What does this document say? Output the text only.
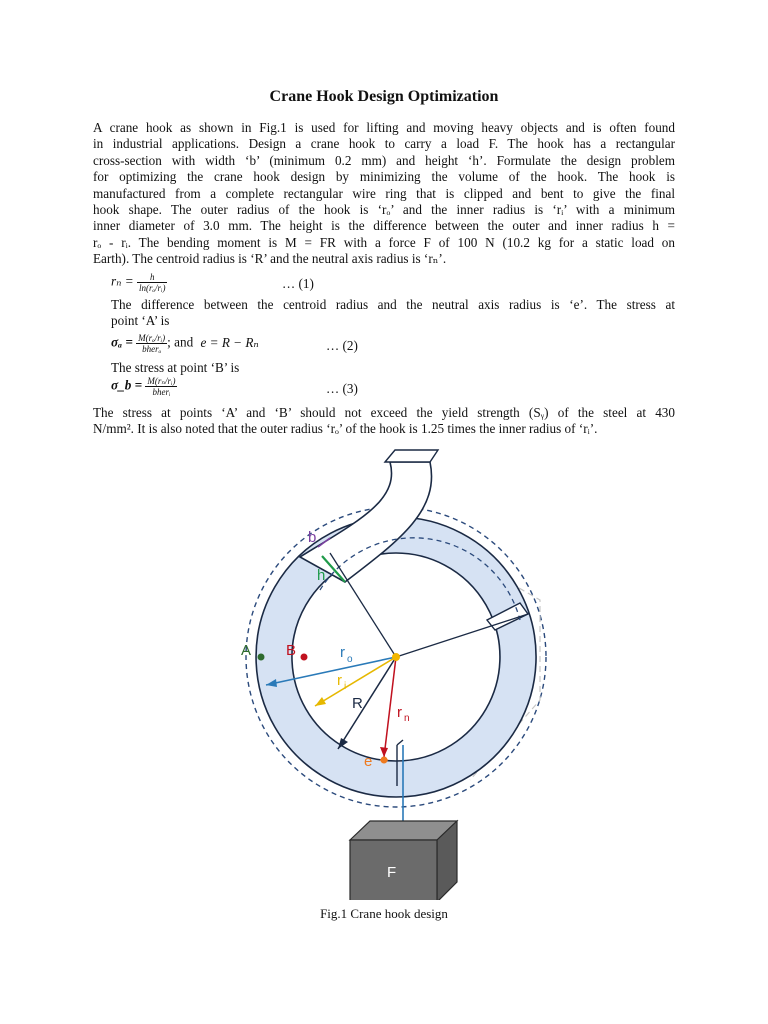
Crane Hook Design Optimization
A crane hook as shown in Fig.1 is used for lifting and moving heavy objects and is often found
in industrial applications. Design a crane hook to carry a load F. The hook has a rectangular
cross-section with width ‘b’ (minimum 0.2 mm) and height ‘h’. Formulate the design problem
for optimizing the crane hook design by minimizing the volume of the hook. The hook is
manufactured from a complete rectangular wire ring that is clipped and bent to give the final
hook shape. The outer radius of the hook is ‘rₒ’ and the inner radius is ‘rᵢ’ with a minimum
inner diameter of 3.0 mm. The height is the difference between the outer and inner radius h =
rₒ - rᵢ. The bending moment is M = FR with a force F of 100 N (10.2 kg for a static load on
Earth). The centroid radius is ‘R’ and the neutral axis radius is ‘rₙ’.
$r_n = \frac{h}{\text{ln(rₒ/rᵢ)}}$	… (1)
The difference between the centroid radius and the neutral axis radius is ‘e’. The stress at
point ‘A’ is
$\sigma_a = \frac{\text{M(rₒ/rᵢ)}}{\text{bherₒ}}$ ; and e = R − Rₙ	… (2)
The stress at point ‘B’ is
σ_b = $\frac{\text{M(rₙ/rᵢ)}}{\text{bherᵢ}}$	… (3)
The stress at points ‘A’ and ‘B’ should not exceed the yield strength (Sᵧ) of the steel at 430
N/mm². It is also noted that the outer radius ‘rₒ’ of the hook is 1.25 times the inner radius of ‘rᵢ’.
b
h
A B	r o
r i
R
r n
e
F
Fig.1 Crane hook design
